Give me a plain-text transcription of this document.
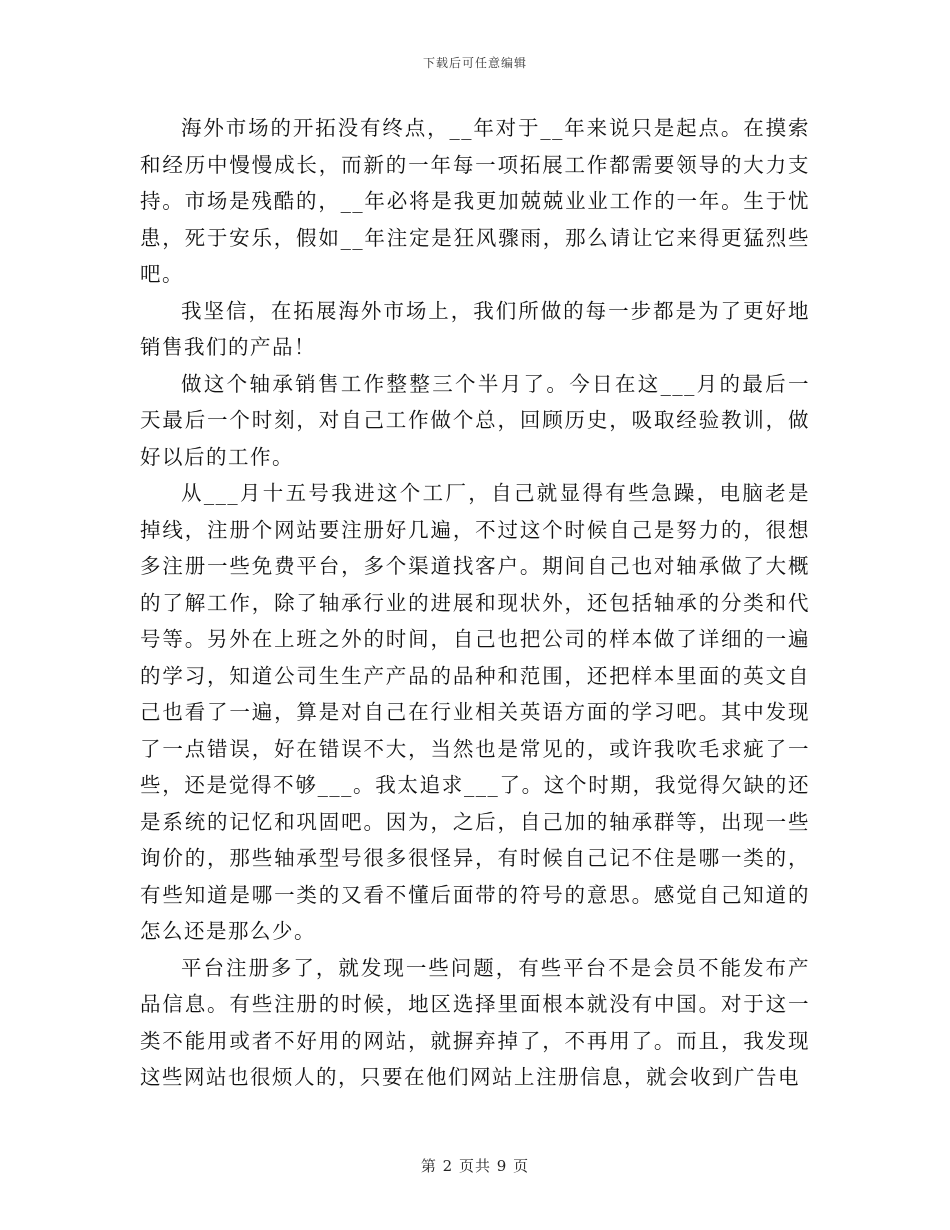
下载后可任意编辑

海外市场的开拓没有终点，__年对于__年来说只是起点。在摸索和经历中慢慢成长，而新的一年每一项拓展工作都需要领导的大力支持。市场是残酷的，__年必将是我更加兢兢业业工作的一年。生于忧患，死于安乐，假如__年注定是狂风骤雨，那么请让它来得更猛烈些吧。

我坚信，在拓展海外市场上，我们所做的每一步都是为了更好地销售我们的产品！

做这个轴承销售工作整整三个半月了。今日在这___月的最后一天最后一个时刻，对自己工作做个总，回顾历史，吸取经验教训，做好以后的工作。

从___月十五号我进这个工厂，自己就显得有些急躁，电脑老是掉线，注册个网站要注册好几遍，不过这个时候自己是努力的，很想多注册一些免费平台，多个渠道找客户。期间自己也对轴承做了大概的了解工作，除了轴承行业的进展和现状外，还包括轴承的分类和代号等。另外在上班之外的时间，自己也把公司的样本做了详细的一遍的学习，知道公司生生产产品的品种和范围，还把样本里面的英文自己也看了一遍，算是对自己在行业相关英语方面的学习吧。其中发现了一点错误，好在错误不大，当然也是常见的，或许我吹毛求疵了一些，还是觉得不够___。我太追求___了。这个时期，我觉得欠缺的还是系统的记忆和巩固吧。因为，之后，自己加的轴承群等，出现一些询价的，那些轴承型号很多很怪异，有时候自己记不住是哪一类的，有些知道是哪一类的又看不懂后面带的符号的意思。感觉自己知道的怎么还是那么少。

平台注册多了，就发现一些问题，有些平台不是会员不能发布产品信息。有些注册的时候，地区选择里面根本就没有中国。对于这一类不能用或者不好用的网站，就摒弃掉了，不再用了。而且，我发现这些网站也很烦人的，只要在他们网站上注册信息，就会收到广告电

第 2 页共 9 页
